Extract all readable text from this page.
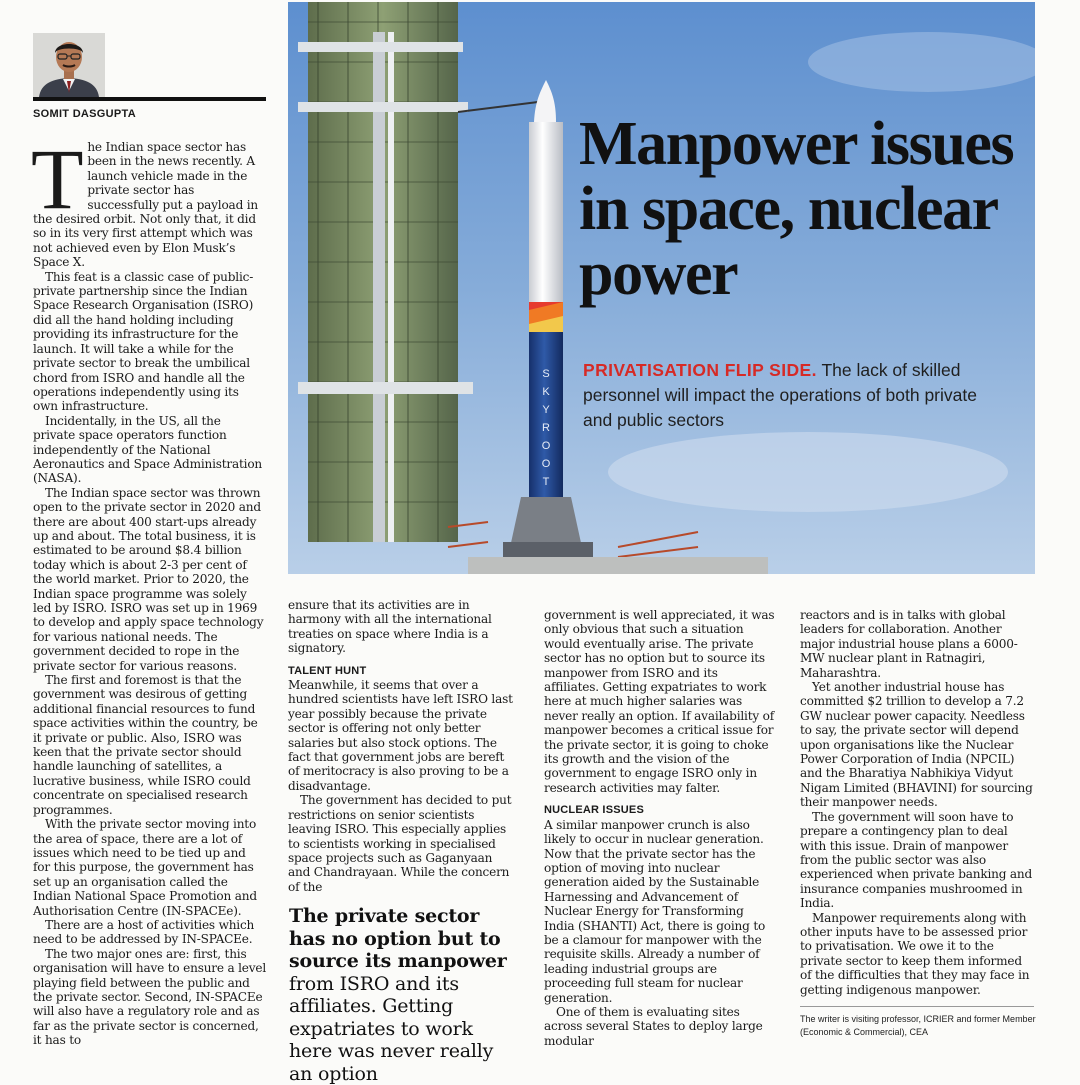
SOMIT DASGUPTA

The Indian space sector has been in the news recently. A launch vehicle made in the private sector has successfully put a payload in the desired orbit. Not only that, it did so in its very first attempt which was not achieved even by Elon Musk’s Space X.

This feat is a classic case of public-private partnership since the Indian Space Research Organisation (ISRO) did all the hand holding including providing its infrastructure for the launch. It will take a while for the private sector to break the umbilical chord from ISRO and handle all the operations independently using its own infrastructure.

Incidentally, in the US, all the private space operators function independently of the National Aeronautics and Space Administration (NASA).

The Indian space sector was thrown open to the private sector in 2020 and there are about 400 start-ups already up and about. The total business, it is estimated to be around $8.4 billion today which is about 2-3 per cent of the world market. Prior to 2020, the Indian space programme was solely led by ISRO. ISRO was set up in 1969 to develop and apply space technology for various national needs. The government decided to rope in the private sector for various reasons.

The first and foremost is that the government was desirous of getting additional financial resources to fund space activities within the country, be it private or public. Also, ISRO was keen that the private sector should handle launching of satellites, a lucrative business, while ISRO could concentrate on specialised research programmes.

With the private sector moving into the area of space, there are a lot of issues which need to be tied up and for this purpose, the government has set up an organisation called the Indian National Space Promotion and Authorisation Centre (IN-SPACEe).

There are a host of activities which need to be addressed by IN-SPACEe.

The two major ones are: first, this organisation will have to ensure a level playing field between the public and the private sector. Second, IN-SPACEe will also have a regulatory role and as far as the private sector is concerned, it has to

S
K
Y
R
O
O
T
Manpower issues in space, nuclear power
PRIVATISATION FLIP SIDE. The lack of skilled personnel will impact the operations of both private and public sectors

ensure that its activities are in harmony with all the international treaties on space where India is a signatory.

TALENT HUNT

Meanwhile, it seems that over a hundred scientists have left ISRO last year possibly because the private sector is offering not only better salaries but also stock options. The fact that government jobs are bereft of meritocracy is also proving to be a disadvantage.

The government has decided to put restrictions on senior scientists leaving ISRO. This especially applies to scientists working in specialised space projects such as Gaganyaan and Chandrayaan. While the concern of the

The private sector has no option but to source its manpower from ISRO and its affiliates. Getting expatriates to work here was never really an option

government is well appreciated, it was only obvious that such a situation would eventually arise. The private sector has no option but to source its manpower from ISRO and its affiliates. Getting expatriates to work here at much higher salaries was never really an option. If availability of manpower becomes a critical issue for the private sector, it is going to choke its growth and the vision of the government to engage ISRO only in research activities may falter.

NUCLEAR ISSUES

A similar manpower crunch is also likely to occur in nuclear generation. Now that the private sector has the option of moving into nuclear generation aided by the Sustainable Harnessing and Advancement of Nuclear Energy for Transforming India (SHANTI) Act, there is going to be a clamour for manpower with the requisite skills. Already a number of leading industrial groups are proceeding full steam for nuclear generation.

One of them is evaluating sites across several States to deploy large modular

reactors and is in talks with global leaders for collaboration. Another major industrial house plans a 6000-MW nuclear plant in Ratnagiri, Maharashtra.

Yet another industrial house has committed $2 trillion to develop a 7.2 GW nuclear power capacity. Needless to say, the private sector will depend upon organisations like the Nuclear Power Corporation of India (NPCIL) and the Bharatiya Nabhikiya Vidyut Nigam Limited (BHAVINI) for sourcing their manpower needs.

The government will soon have to prepare a contingency plan to deal with this issue. Drain of manpower from the public sector was also experienced when private banking and insurance companies mushroomed in India.

Manpower requirements along with other inputs have to be assessed prior to privatisation. We owe it to the private sector to keep them informed of the difficulties that they may face in getting indigenous manpower.

The writer is visiting professor, ICRIER and former Member (Economic & Commercial), CEA
